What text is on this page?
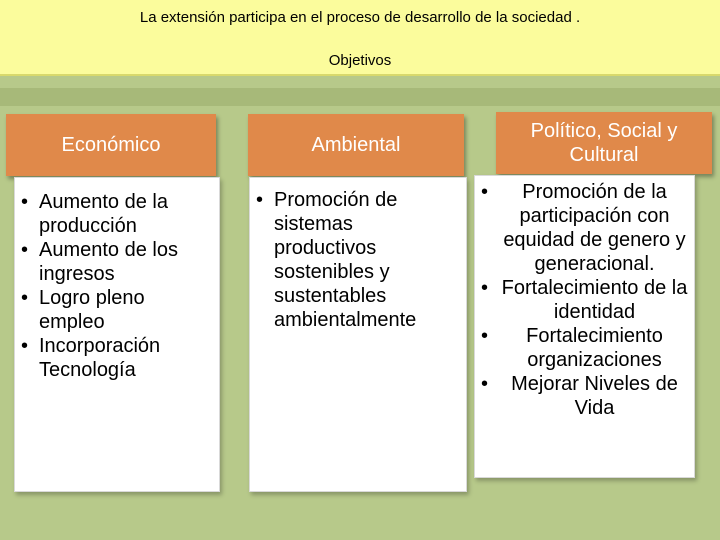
La extensión participa en el proceso de desarrollo de la sociedad .
Objetivos
Económico
• Aumento de la producción
• Aumento de los ingresos
• Logro pleno empleo
• Incorporación Tecnología
Ambiental
• Promoción de sistemas productivos sostenibles y sustentables ambientalmente
Político, Social y Cultural
• Promoción de la participación con equidad de genero y generacional.
• Fortalecimiento de la identidad
• Fortalecimiento organizaciones
• Mejorar Niveles de Vida
